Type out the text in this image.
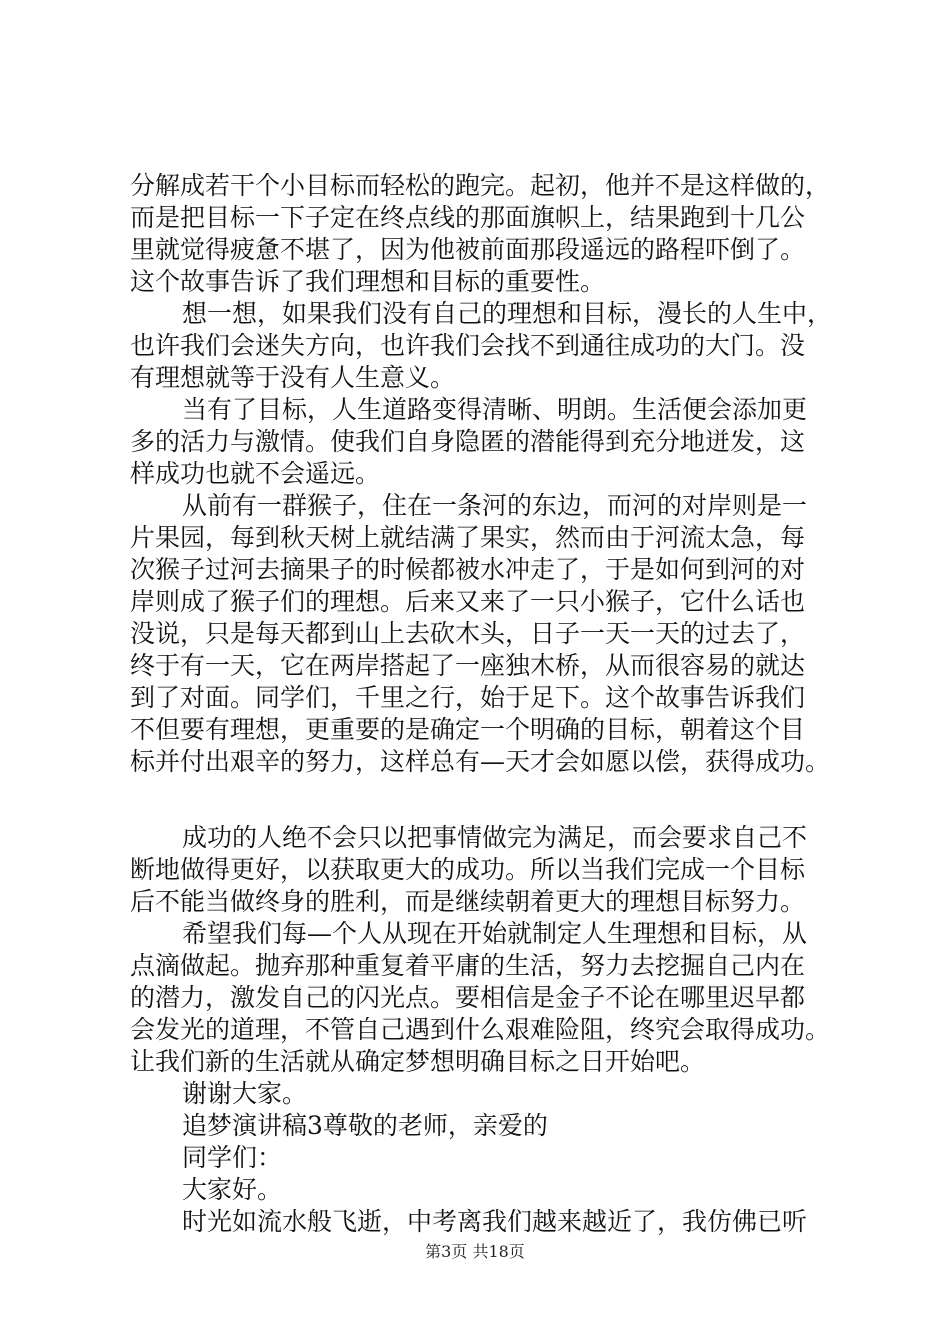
分解成若干个小目标而轻松的跑完。起初，他并不是这样做的，
而是把目标一下子定在终点线的那面旗帜上，结果跑到十几公
里就觉得疲惫不堪了，因为他被前面那段遥远的路程吓倒了。
这个故事告诉了我们理想和目标的重要性。
想一想，如果我们没有自己的理想和目标，漫长的人生中，
也许我们会迷失方向，也许我们会找不到通往成功的大门。没
有理想就等于没有人生意义。
当有了目标，人生道路变得清晰、明朗。生活便会添加更
多的活力与激情。使我们自身隐匿的潜能得到充分地迸发，这
样成功也就不会遥远。
从前有一群猴子，住在一条河的东边，而河的对岸则是一
片果园，每到秋天树上就结满了果实，然而由于河流太急，每
次猴子过河去摘果子的时候都被水冲走了，于是如何到河的对
岸则成了猴子们的理想。后来又来了一只小猴子，它什么话也
没说，只是每天都到山上去砍木头，日子一天一天的过去了，
终于有一天，它在两岸搭起了一座独木桥，从而很容易的就达
到了对面。同学们，千里之行，始于足下。这个故事告诉我们
不但要有理想，更重要的是确定一个明确的目标，朝着这个目
标并付出艰辛的努力，这样总有—天才会如愿以偿，获得成功。
成功的人绝不会只以把事情做完为满足，而会要求自己不
断地做得更好，以获取更大的成功。所以当我们完成一个目标
后不能当做终身的胜利，而是继续朝着更大的理想目标努力。
希望我们每—个人从现在开始就制定人生理想和目标，从
点滴做起。抛弃那种重复着平庸的生活，努力去挖掘自己内在
的潜力，激发自己的闪光点。要相信是金子不论在哪里迟早都
会发光的道理，不管自己遇到什么艰难险阻，终究会取得成功。
让我们新的生活就从确定梦想明确目标之日开始吧。
谢谢大家。
追梦演讲稿3尊敬的老师，亲爱的
同学们：
大家好。
时光如流水般飞逝，中考离我们越来越近了，我仿佛已听
第3页 共18页
